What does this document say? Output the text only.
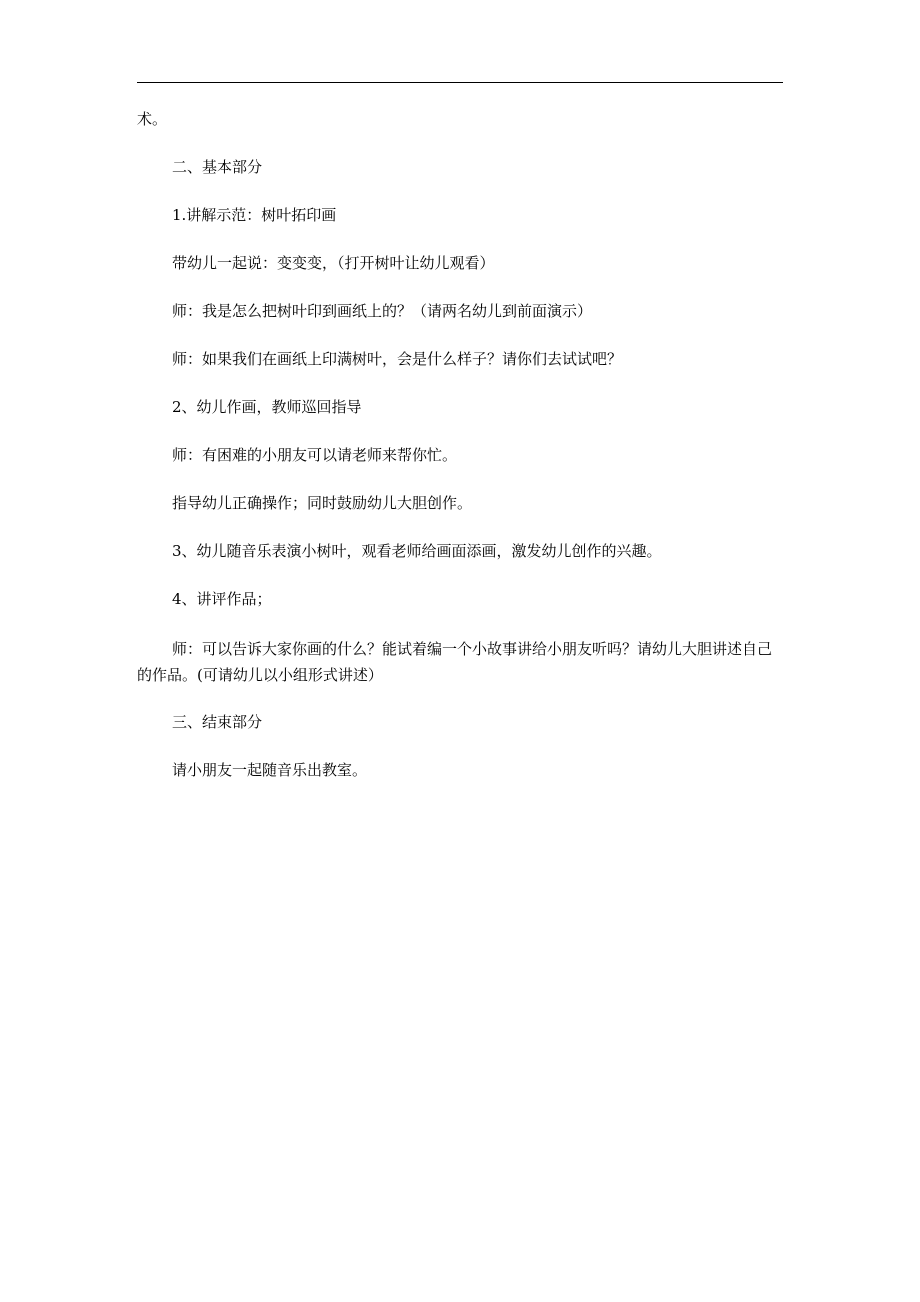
术。

二、基本部分

1.讲解示范：树叶拓印画

带幼儿一起说：变变变，（打开树叶让幼儿观看）

师：我是怎么把树叶印到画纸上的？（请两名幼儿到前面演示）

师：如果我们在画纸上印满树叶，会是什么样子？请你们去试试吧？

2、幼儿作画，教师巡回指导

师：有困难的小朋友可以请老师来帮你忙。

指导幼儿正确操作；同时鼓励幼儿大胆创作。

3、幼儿随音乐表演小树叶，观看老师给画面添画，激发幼儿创作的兴趣。

4、讲评作品；

师：可以告诉大家你画的什么？能试着编一个小故事讲给小朋友听吗？请幼儿大胆讲述自己的作品。(可请幼儿以小组形式讲述）

三、结束部分

请小朋友一起随音乐出教室。
